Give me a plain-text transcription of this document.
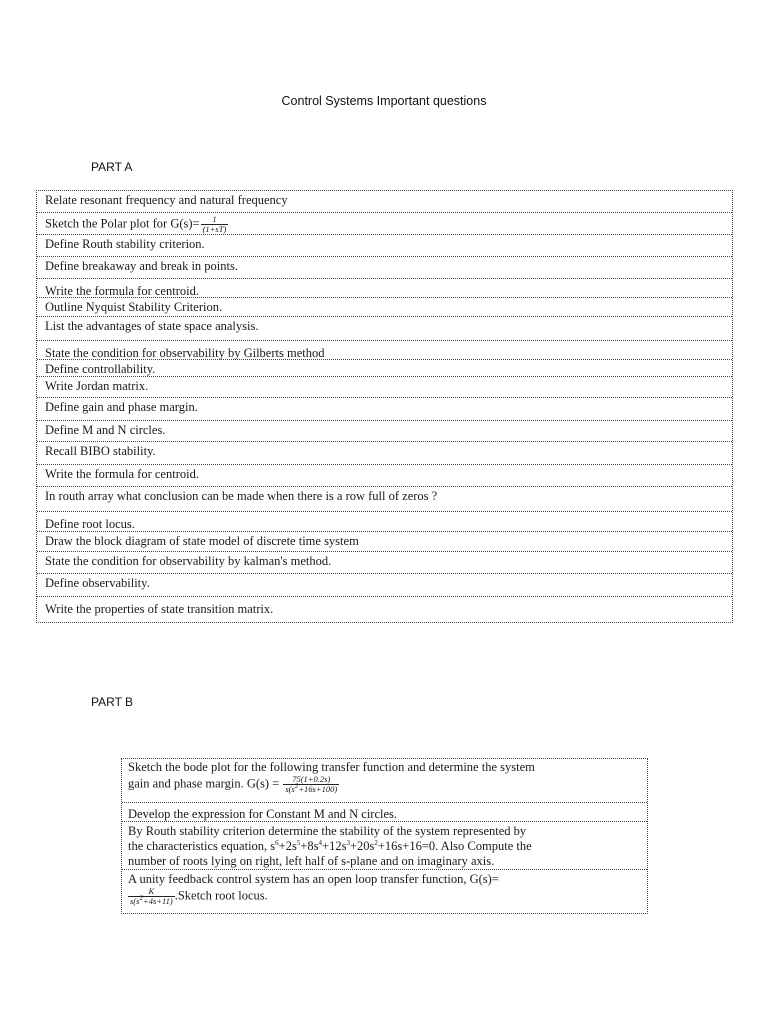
Control Systems Important questions
PART A
Relate resonant frequency and natural frequency
Sketch the Polar plot for $G(s)= \frac{1}{(1+sT)}$
Define Routh stability criterion.
Define breakaway and break in points.
Write the formula for centroid.
Outline Nyquist Stability Criterion.
List the advantages of state space analysis.
State the condition for observability by Gilberts method
Define controllability.
Write Jordan matrix.
Define gain and phase margin.
Define M and N circles.
Recall BIBO stability.
Write the formula for centroid.
In routh array what conclusion can be made when there is a row full of zeros ?
Define root locus.
Draw the block diagram of state model of discrete time system
State the condition for observability by kalman's method.
Define observability.
Write the properties of state transition matrix.
PART B
Sketch the bode plot for the following transfer function and determine the system
gain and phase margin. $G(s) = \frac{75(1+0.2s)}{s(s^2+16s+100)}$
Develop the expression for Constant M and N circles.
By Routh stability criterion determine the stability of the system represented by
the characteristics equation, $s^6+2s^5+8s^4+12s^3+20s^2+16s+16=0$. Also Compute the
number of roots lying on right, left half of s-plane and on imaginary axis.
A unity feedback control system has an open loop transfer function, G(s)=
$\frac{K}{s(s^2+4s+11)}$ .Sketch root locus.
